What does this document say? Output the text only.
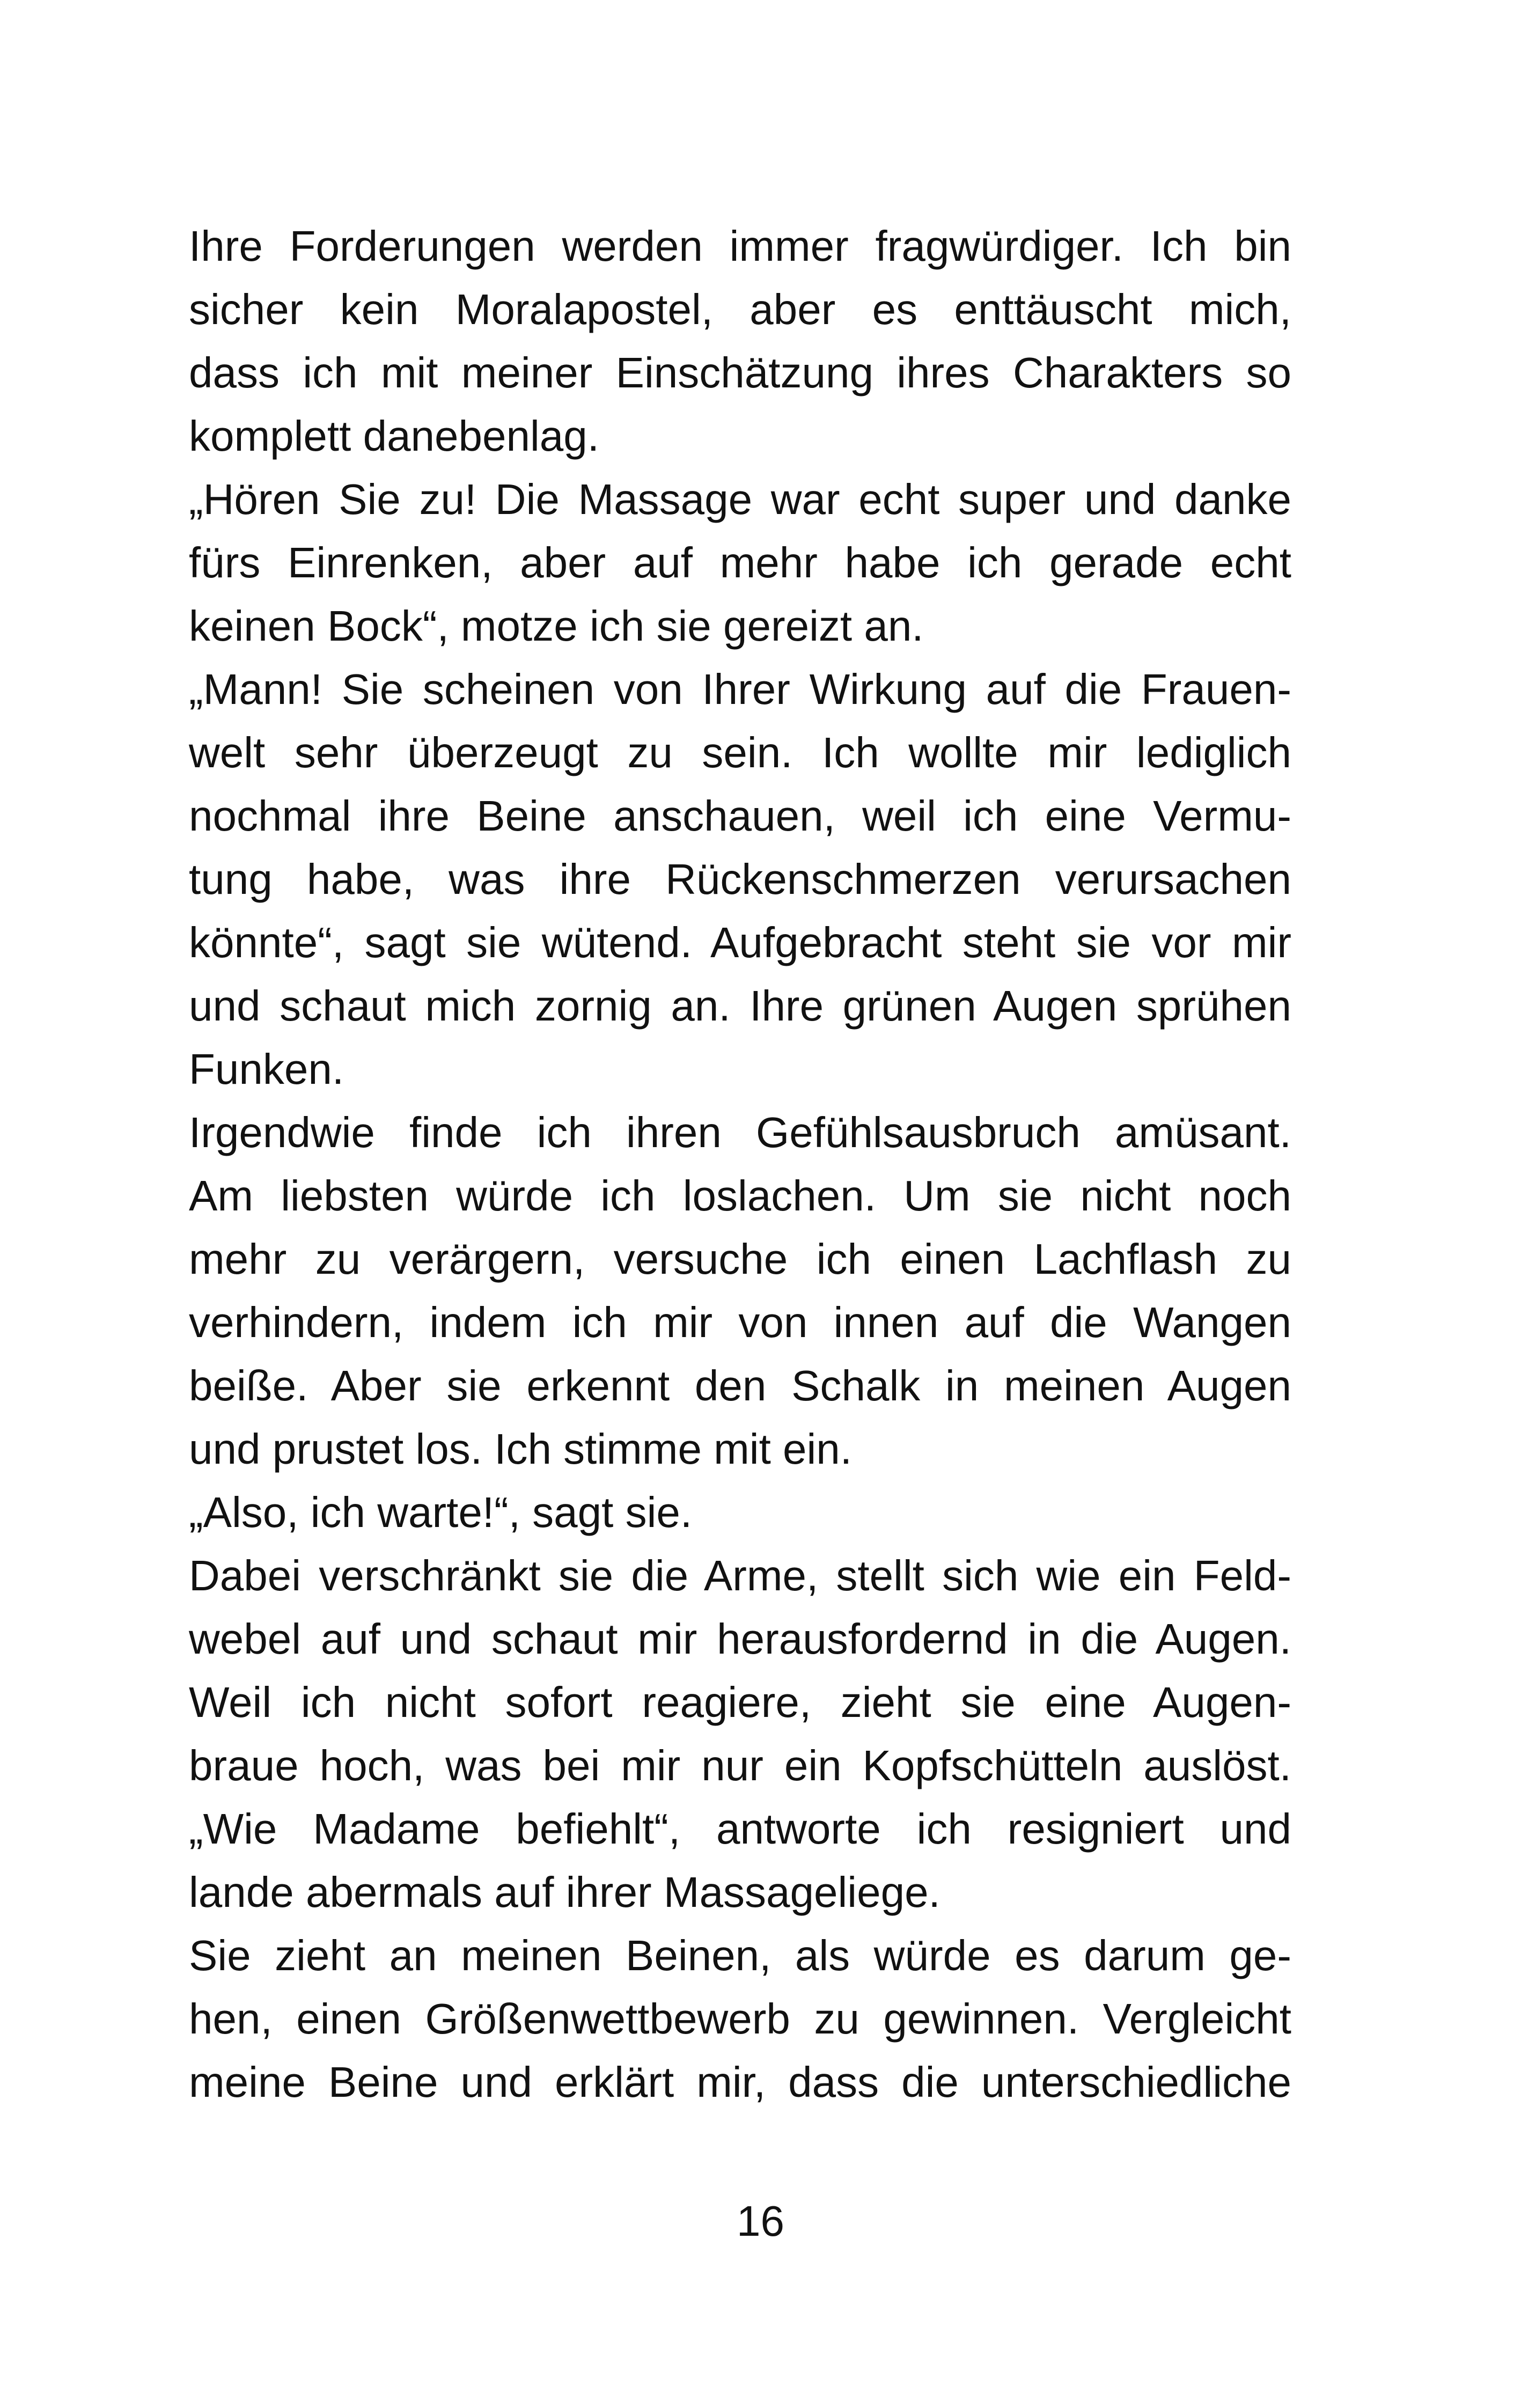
Ihre Forderungen werden immer fragwürdiger. Ich bin
sicher kein Moralapostel, aber es enttäuscht mich,
dass ich mit meiner Einschätzung ihres Charakters so
komplett danebenlag.
„Hören Sie zu! Die Massage war echt super und danke
fürs Einrenken, aber auf mehr habe ich gerade echt
keinen Bock“, motze ich sie gereizt an.
„Mann! Sie scheinen von Ihrer Wirkung auf die Frauen-
welt sehr überzeugt zu sein. Ich wollte mir lediglich
nochmal ihre Beine anschauen, weil ich eine Vermu-
tung habe, was ihre Rückenschmerzen verursachen
könnte“, sagt sie wütend. Aufgebracht steht sie vor mir
und schaut mich zornig an. Ihre grünen Augen sprühen
Funken.
Irgendwie finde ich ihren Gefühlsausbruch amüsant.
Am liebsten würde ich loslachen. Um sie nicht noch
mehr zu verärgern, versuche ich einen Lachflash zu
verhindern, indem ich mir von innen auf die Wangen
beiße. Aber sie erkennt den Schalk in meinen Augen
und prustet los. Ich stimme mit ein.
„Also, ich warte!“, sagt sie.
Dabei verschränkt sie die Arme, stellt sich wie ein Feld-
webel auf und schaut mir herausfordernd in die Augen.
Weil ich nicht sofort reagiere, zieht sie eine Augen-
braue hoch, was bei mir nur ein Kopfschütteln auslöst.
„Wie Madame befiehlt“, antworte ich resigniert und
lande abermals auf ihrer Massageliege.
Sie zieht an meinen Beinen, als würde es darum ge-
hen, einen Größenwettbewerb zu gewinnen. Vergleicht
meine Beine und erklärt mir, dass die unterschiedliche
16
